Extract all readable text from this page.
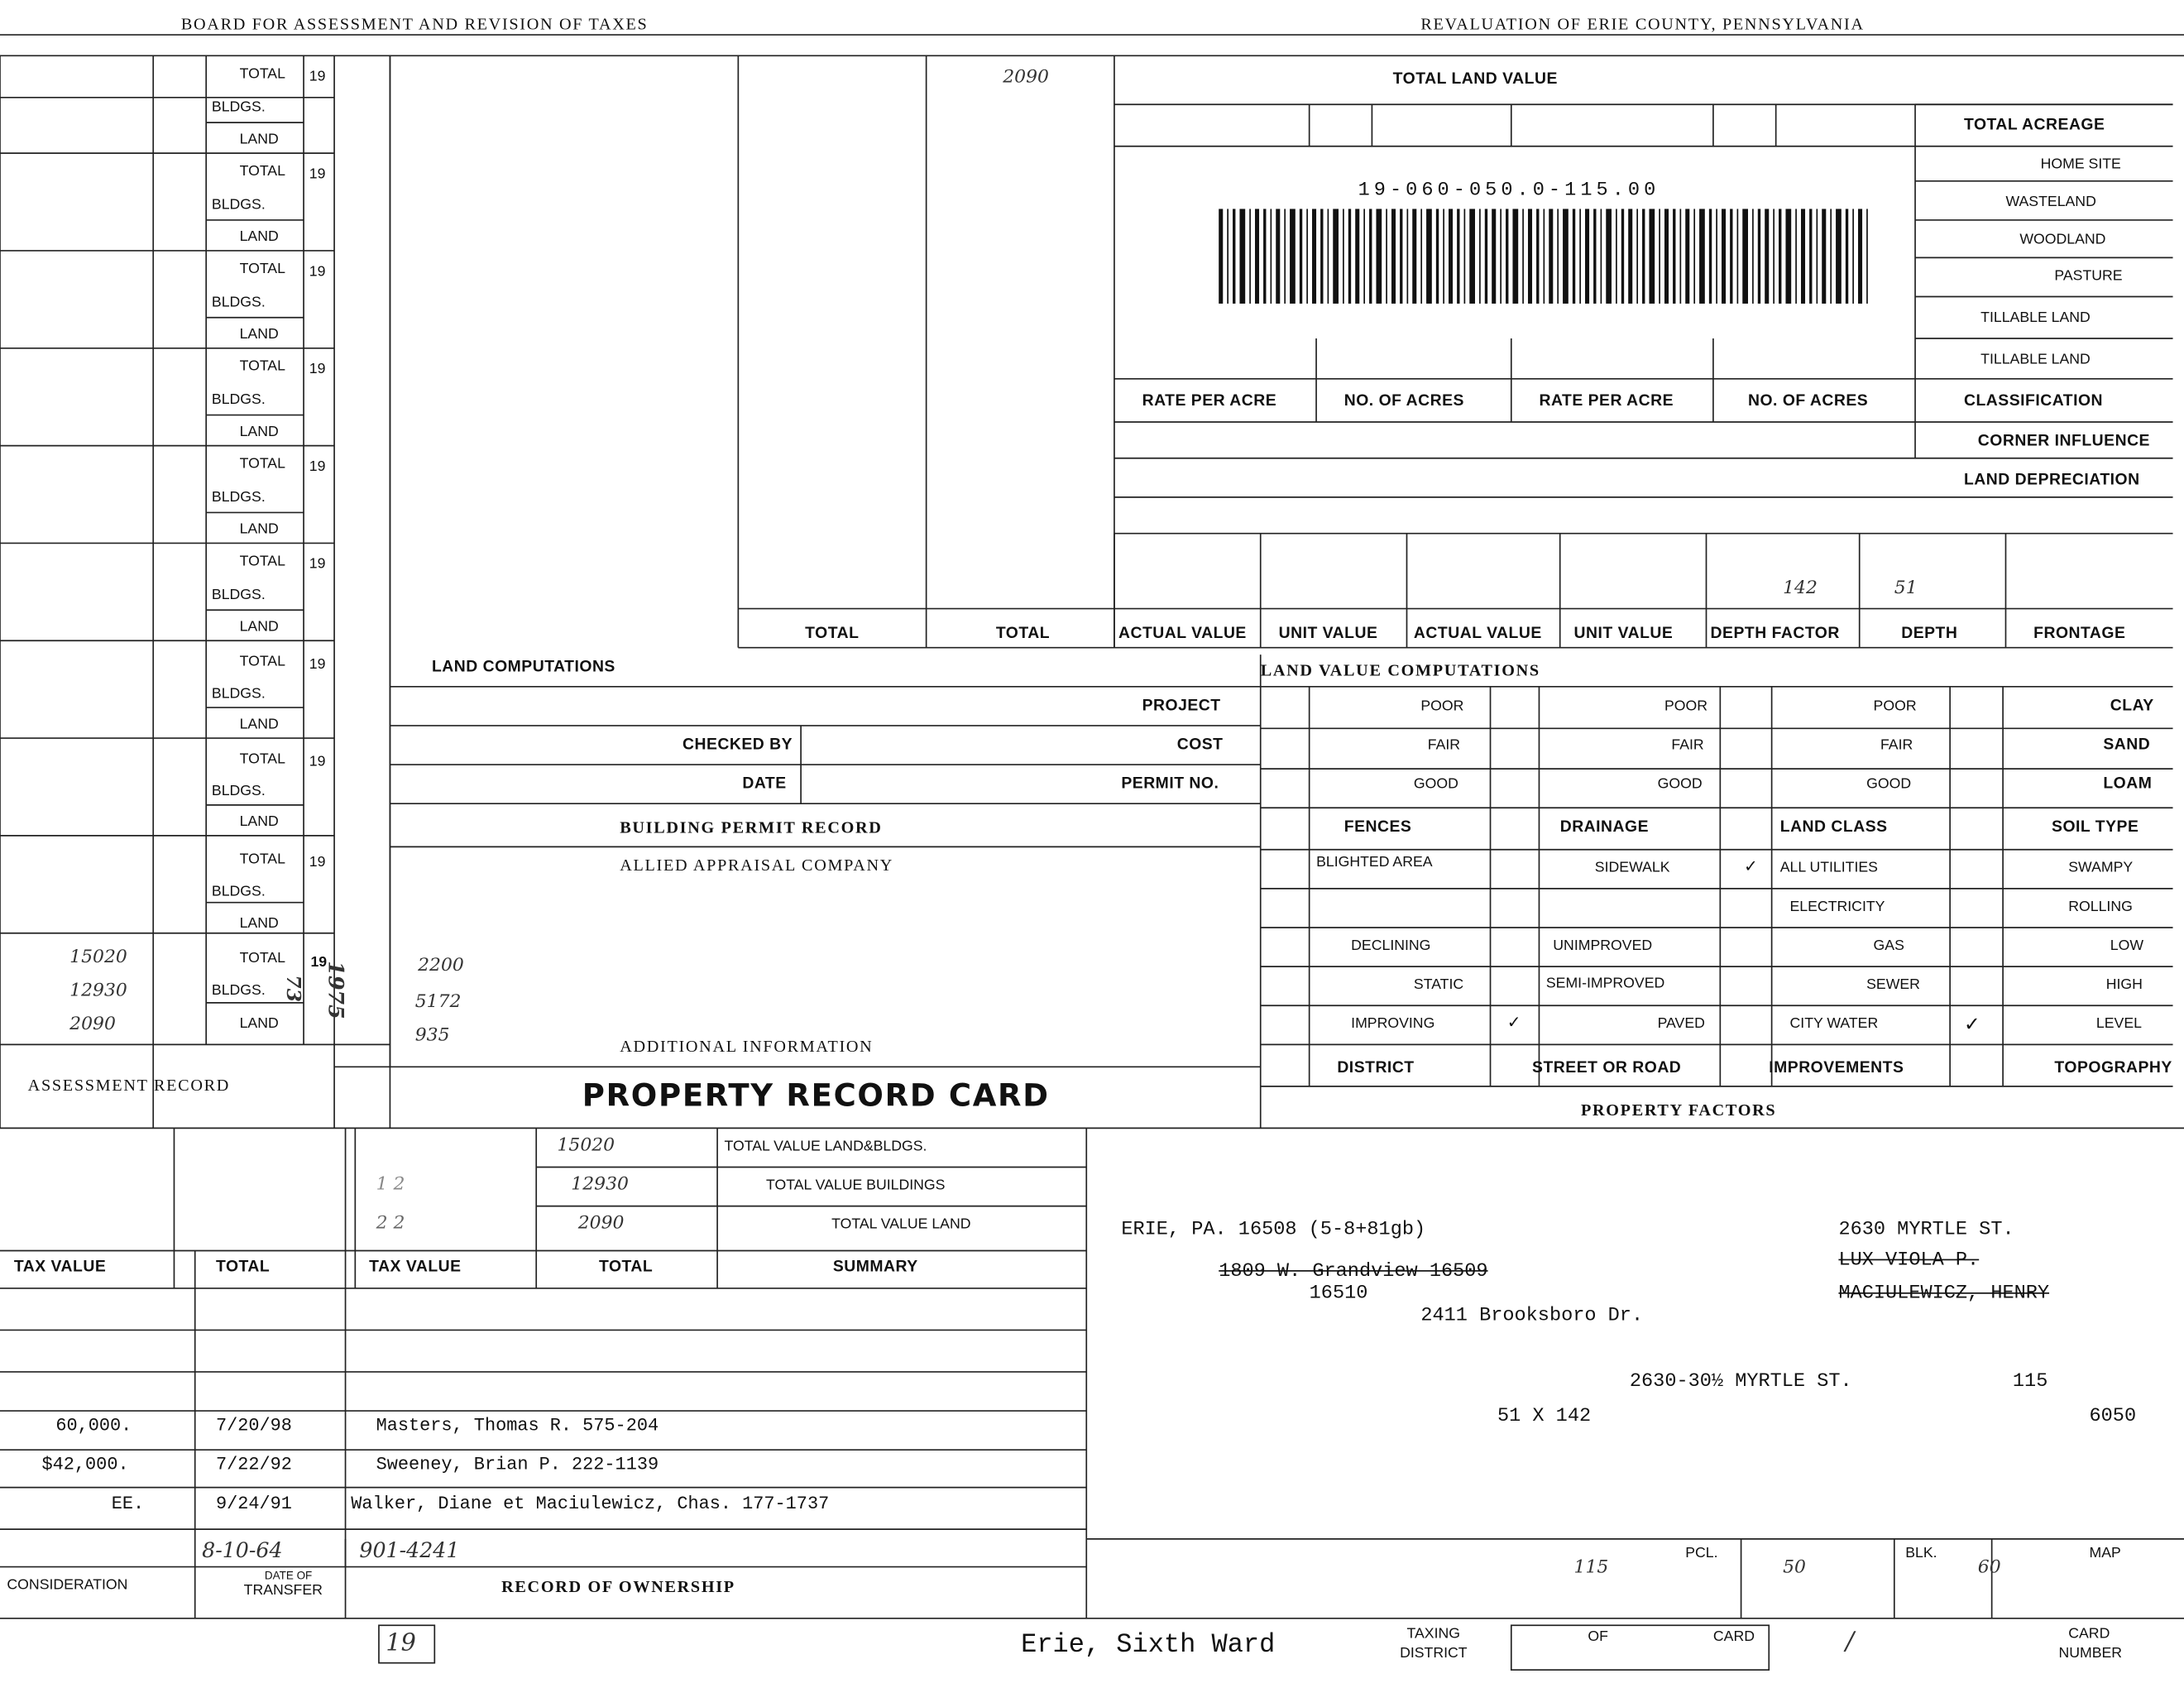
REVALUATION OF ERIE COUNTY, PENNSYLVANIA
BOARD FOR ASSESSMENT AND REVISION OF TAXES

TOTAL LAND VALUE
2090
TOTAL ACREAGE
HOME SITE
WASTELAND
WOODLAND
PASTURE
TILLABLE LAND
TILLABLE LAND
19-060-050.0-115.00
CLASSIFICATION
NO. OF ACRES
RATE PER ACRE
NO. OF ACRES
RATE PER ACRE
CORNER INFLUENCE
LAND DEPRECIATION
51
142
FRONTAGE
DEPTH
DEPTH FACTOR
UNIT VALUE
ACTUAL VALUE
UNIT VALUE
ACTUAL VALUE
TOTAL
TOTAL
LAND VALUE COMPUTATIONS
LAND COMPUTATIONS
PROJECT
COST
CHECKED BY
PERMIT NO.
DATE
BUILDING PERMIT RECORD
ALLIED APPRAISAL COMPANY
CLAY
SAND
LOAM
SOIL TYPE
POOR
FAIR
GOOD
LAND CLASS
POOR
FAIR
GOOD
DRAINAGE
POOR
FAIR
GOOD
FENCES
SWAMPY
ROLLING
LOW
HIGH
LEVEL
TOPOGRAPHY
ALL UTILITIES
ELECTRICITY
GAS
SEWER
CITY WATER
IMPROVEMENTS
✓
✓
SIDEWALK
UNIMPROVED
SEMI-IMPROVED
PAVED
STREET OR ROAD
✓
BLIGHTED AREA
DECLINING
STATIC
IMPROVING
DISTRICT
PROPERTY FACTORS
ADDITIONAL INFORMATION
2200
5172
935
1975
PROPERTY RECORD CARD
ASSESSMENT RECORD
TOTAL
BLDGS.
LAND
19
TOTAL
BLDGS.
LAND
19
TOTAL
BLDGS.
LAND
19
TOTAL
BLDGS.
LAND
19
TOTAL
BLDGS.
LAND
19
TOTAL
BLDGS.
LAND
19
TOTAL
BLDGS.
LAND
19
TOTAL
BLDGS.
LAND
19
TOTAL
BLDGS.
LAND
19
TOTAL
BLDGS.
LAND
19
73
15020
12930
2090
TOTAL VALUE LAND&BLDGS.
TOTAL VALUE BUILDINGS
TOTAL VALUE LAND
SUMMARY
TOTAL
TAX VALUE
TOTAL
TAX VALUE
15020
12930
2090
1 2
2 2
2411 Brooksboro Dr.
16510
1809 W. Grandview 16509
MACIULEWICZ, HENRY
LUX VIOLA P.
2630 MYRTLE ST.
ERIE, PA. 16508 (5-8+81gb)
6050
115
2630-30½ MYRTLE ST.
51 X 142
MAP
60
BLK.
50
PCL.
115
RECORD OF OWNERSHIP
DATE OF
TRANSFER
CONSIDERATION
901-4241
8-10-64
Walker, Diane et Maciulewicz, Chas. 177-1737
9/24/91
EE.
Sweeney, Brian P. 222-1139
7/22/92
$42,000.
Masters, Thomas R. 575-204
7/20/98
60,000.
CARD
NUMBER
/
CARD
OF
TAXING
DISTRICT
Erie, Sixth Ward
19
